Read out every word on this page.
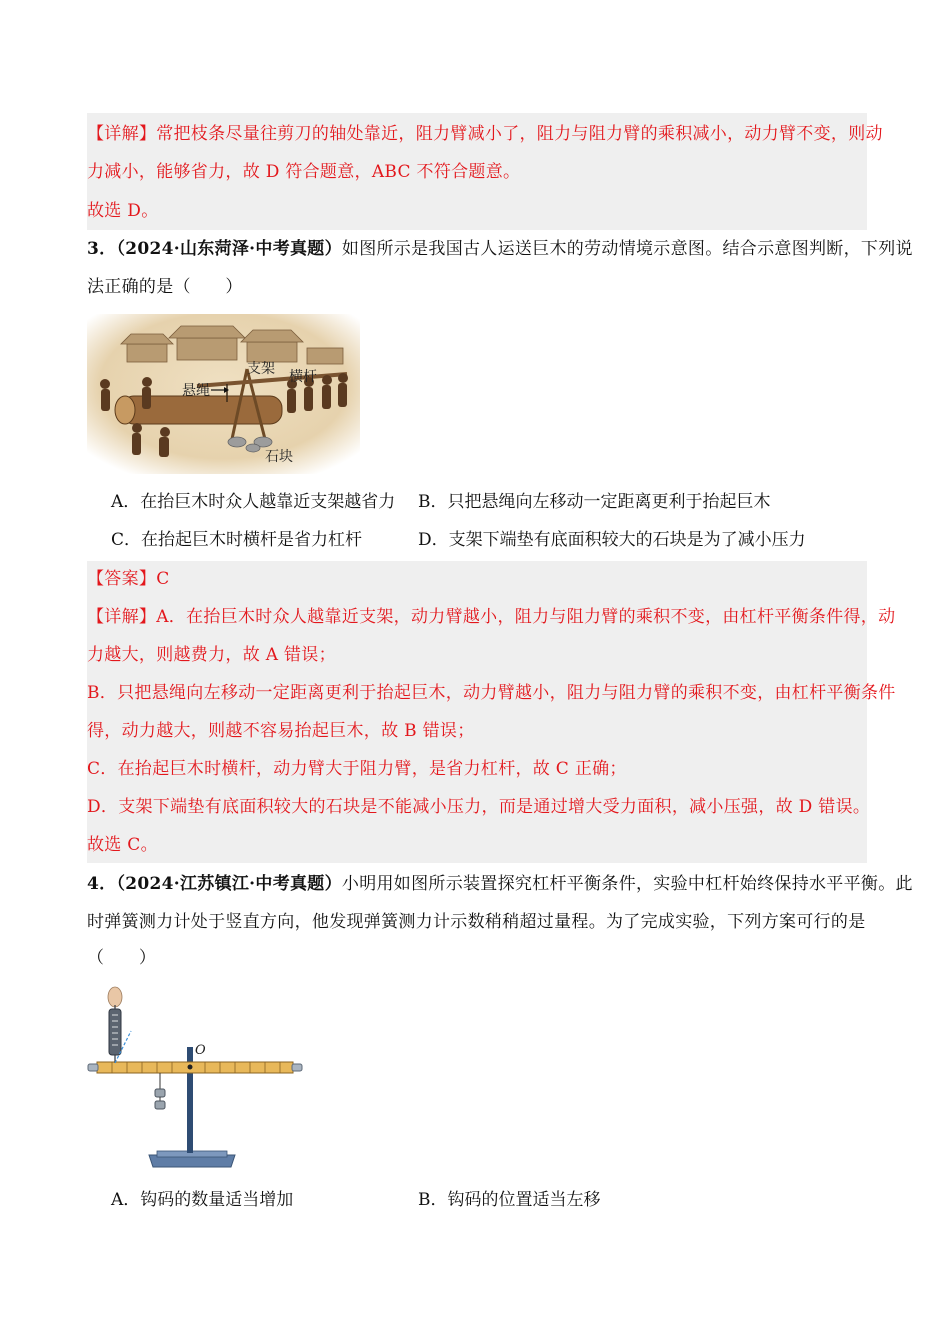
【详解】常把枝条尽量往剪刀的轴处靠近，阻力臂减小了，阻力与阻力臂的乘积减小，动力臂不变，则动
力减小，能够省力，故 D 符合题意，ABC 不符合题意。
故选 D。
3．（2024·山东菏泽·中考真题）如图所示是我国古人运送巨木的劳动情境示意图。结合示意图判断，下列说
法正确的是（　　）
支架
悬绳
横杆
石块
A．在抬巨木时众人越靠近支架越省力 B．只把悬绳向左移动一定距离更利于抬起巨木
C．在抬起巨木时横杆是省力杠杆	D．支架下端垫有底面积较大的石块是为了减小压力
【答案】C
【详解】A．在抬巨木时众人越靠近支架，动力臂越小，阻力与阻力臂的乘积不变，由杠杆平衡条件得，动
力越大，则越费力，故 A 错误；
B．只把悬绳向左移动一定距离更利于抬起巨木，动力臂越小，阻力与阻力臂的乘积不变，由杠杆平衡条件
得，动力越大，则越不容易抬起巨木，故 B 错误；
C．在抬起巨木时横杆，动力臂大于阻力臂，是省力杠杆，故 C 正确；
D．支架下端垫有底面积较大的石块是不能减小压力，而是通过增大受力面积，减小压强，故 D 错误。
故选 C。
4．（2024·江苏镇江·中考真题）小明用如图所示装置探究杠杆平衡条件，实验中杠杆始终保持水平平衡。此
时弹簧测力计处于竖直方向，他发现弹簧测力计示数稍稍超过量程。为了完成实验，下列方案可行的是
（　　）
O
A．钩码的数量适当增加	B．钩码的位置适当左移
